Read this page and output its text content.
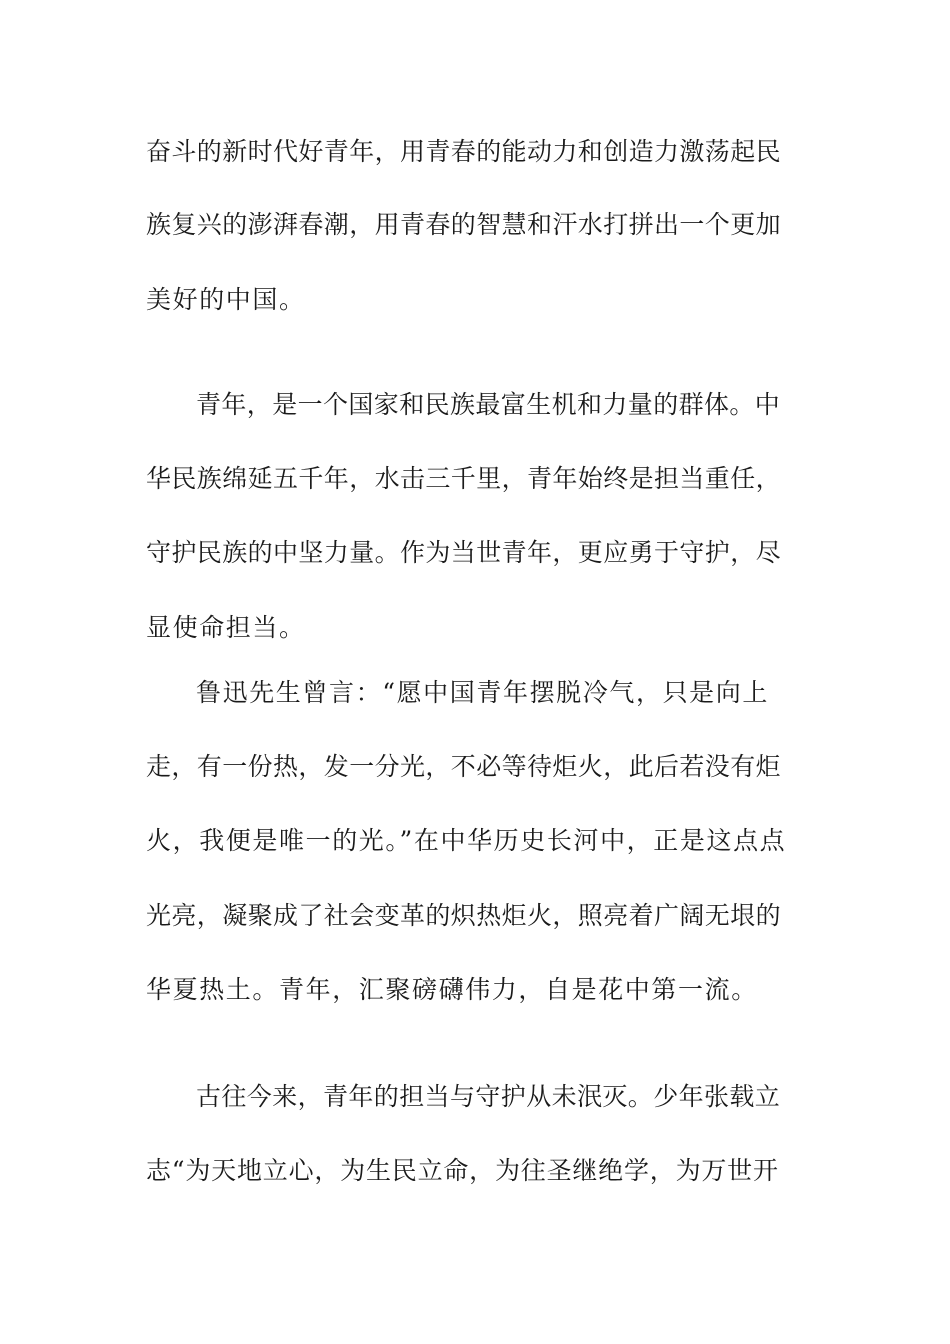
奋斗的新时代好青年，用青春的能动力和创造力激荡起民
族复兴的澎湃春潮，用青春的智慧和汗水打拼出一个更加
美好的中国。
青年，是一个国家和民族最富生机和力量的群体。中
华民族绵延五千年，水击三千里，青年始终是担当重任，
守护民族的中坚力量。作为当世青年，更应勇于守护，尽
显使命担当。
鲁迅先生曾言：“愿中国青年摆脱冷气，只是向上
走，有一份热，发一分光，不必等待炬火，此后若没有炬
火，我便是唯一的光。”在中华历史长河中，正是这点点
光亮，凝聚成了社会变革的炽热炬火，照亮着广阔无垠的
华夏热土。青年，汇聚磅礴伟力，自是花中第一流。
古往今来，青年的担当与守护从未泯灭。少年张载立
志“为天地立心，为生民立命，为往圣继绝学，为万世开
